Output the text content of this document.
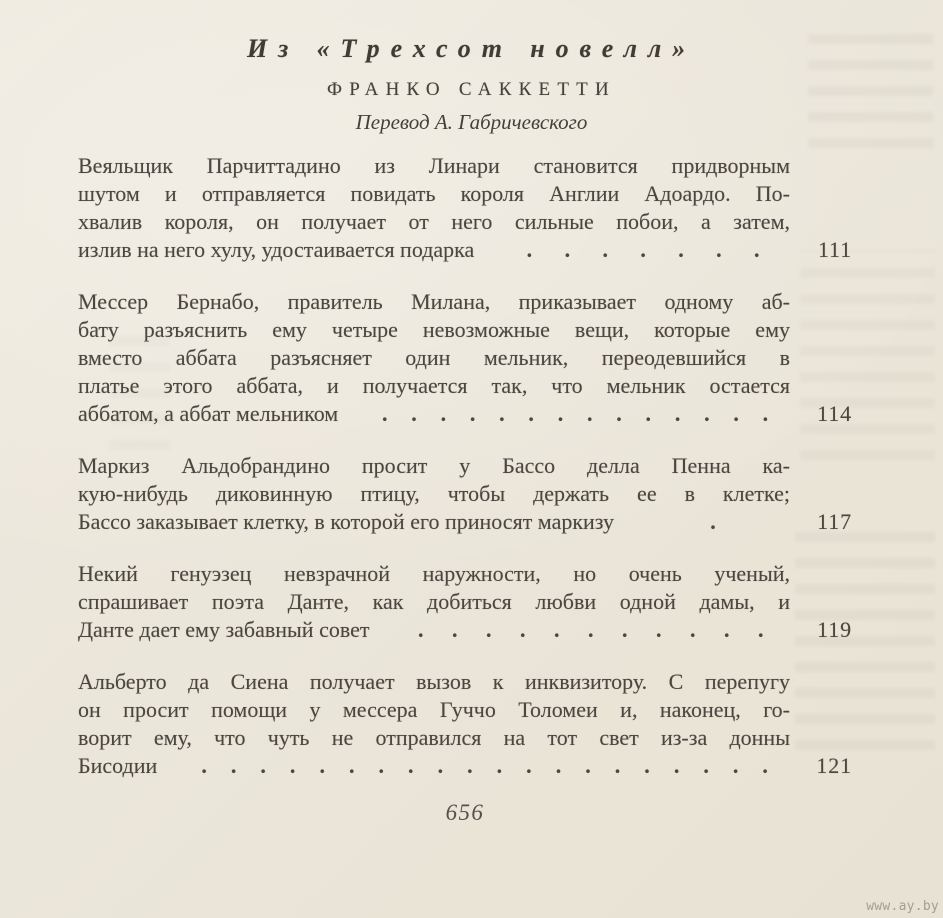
Из «Трехсот новелл»
ФРАНКО САККЕТТИ
Перевод А. Габричевского
Веяльщик Парчиттадино из Линари становится придворным
шутом и отправляется повидать короля Англии Адоардо. По-
хвалив короля, он получает от него сильные побои, а затем,
излив на него хулу, удостаивается подарка . . . . . . .	111
Мессер Бернабо, правитель Милана, приказывает одному аб-
бату разъяснить ему четыре невозможные вещи, которые ему
вместо аббата разъясняет один мельник, переодевшийся в
платье этого аббата, и получается так, что мельник остается
аббатом, а аббат мельником . . . . . . . . . . . . . .	114
Маркиз Альдобрандино просит у Бассо делла Пенна ка-
кую-нибудь диковинную птицу, чтобы держать ее в клетке;
Бассо заказывает клетку, в которой его приносят маркизу	.	117
Некий генуэзец невзрачной наружности, но очень ученый,
спрашивает поэта Данте, как добиться любви одной дамы, и
Данте дает ему забавный совет . . . . . . . . . . .	119
Альберто да Сиена получает вызов к инквизитору. С перепугу
он просит помощи у мессера Гуччо Толомеи и, наконец, го-
ворит ему, что чуть не отправился на тот свет из-за донны
Бисодии . . . . . . . . . . . . . . . . . . . .	121
656
www.ay.by
